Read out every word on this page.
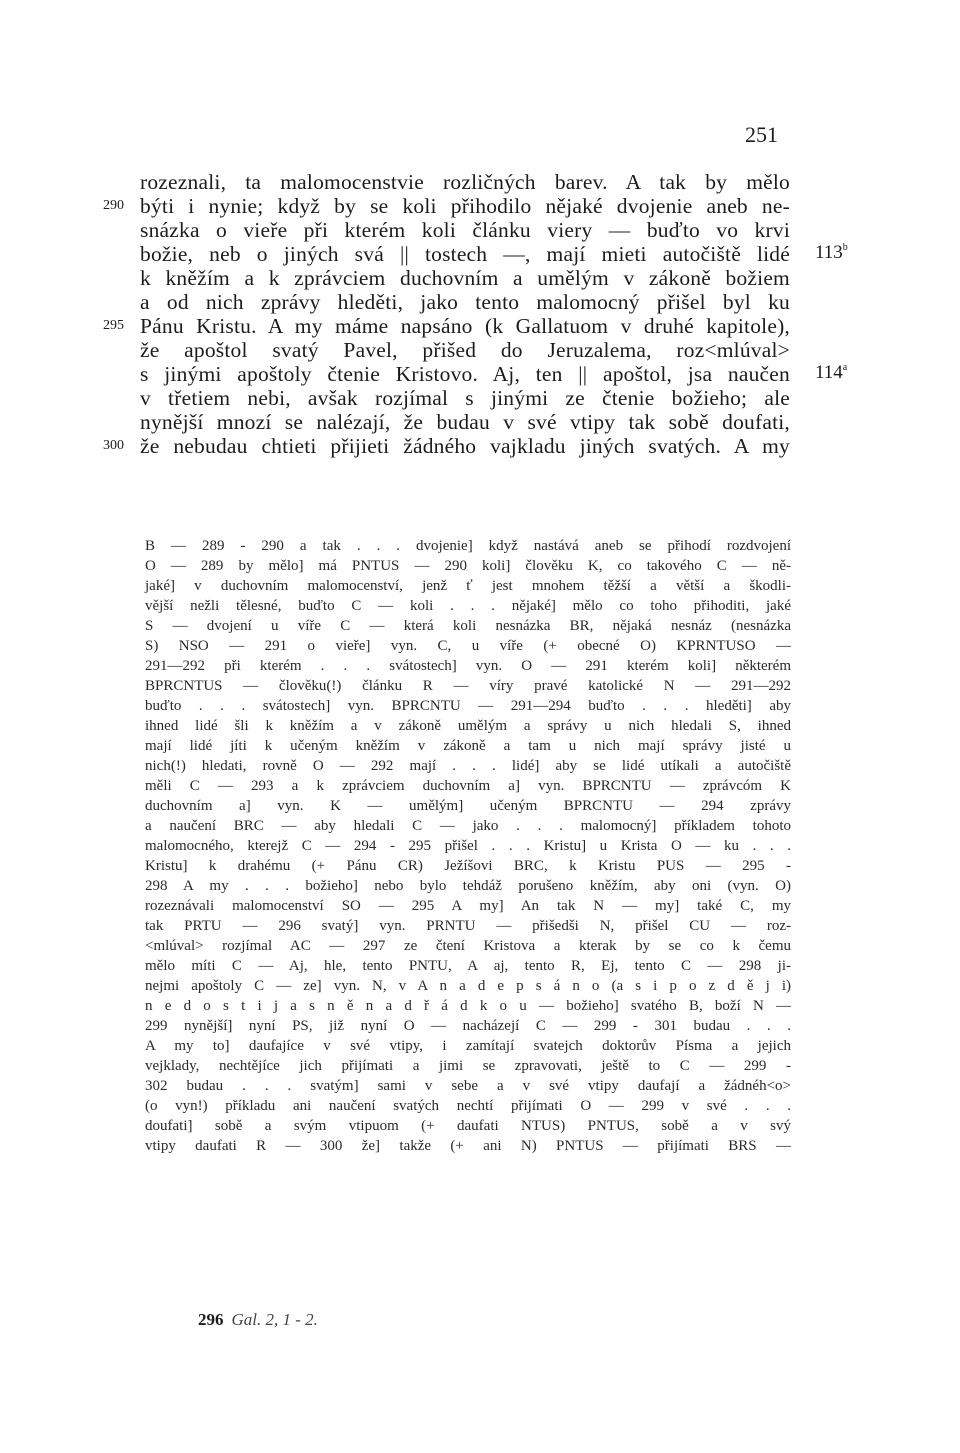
251
rozeznali, ta malomocenstvie rozličných barev. A tak by mělo
býti i nynie; když by se koli přihodilo nějaké dvojenie aneb ne-
snázka o vieře při kterém koli článku viery — buďto vo krvi
božie, neb o jiných svá || tostech —, mají mieti autočiště lidé
k kněžím a k zprávciem duchovním a umělým v zákoně božiem
a od nich zprávy hleděti, jako tento malomocný přišel byl ku
Pánu Kristu. A my máme napsáno (k Gallatuom v druhé kapitole),
že apoštol svatý Pavel, přišed do Jeruzalema, roz<mlúval>
s jinými apoštoly čtenie Kristovo. Aj, ten || apoštol, jsa naučen
v třetiem nebi, avšak rozjímal s jinými ze čtenie božieho; ale
nynější mnozí se nalézají, že budau v své vtipy tak sobě doufati,
že nebudau chtieti přijieti žádného vajkladu jiných svatých. A my
290
295
300
113$^b$
114$^a$
B — 289 - 290 a tak . . . dvojenie] když nastává aneb se přihodí rozdvojení
O — 289 by mělo] má PNTUS — 290 koli] člověku K, co takového C — ně-
jaké] v duchovním malomocenství, jenž ť jest mnohem těžší a větší a škodli-
vější nežli tělesné, buďto C — koli . . . nějaké] mělo co toho přihoditi, jaké
S — dvojení u víře C — která koli nesnázka BR, nějaká nesnáz (nesnázka
S) NSO — 291 o vieře] vyn. C, u víře (+ obecné O) KPRNTUSO —
291—292 při kterém . . . svátostech] vyn. O — 291 kterém koli] některém
BPRCNTUS — člověku(!) článku R — víry pravé katolické N — 291—292
buďto . . . svátostech] vyn. BPRCNTU — 291—294 buďto . . . hleděti] aby
ihned lidé šli k kněžím a v zákoně umělým a správy u nich hledali S, ihned
mají lidé jíti k učeným kněžím v zákoně a tam u nich mají správy jisté u
nich(!) hledati, rovně O — 292 mají . . . lidé] aby se lidé utíkali a autočiště
měli C — 293 a k zprávciem duchovním a] vyn. BPRCNTU — zprávcóm K
duchovním a] vyn. K — umělým] učeným BPRCNTU — 294 zprávy
a naučení BRC — aby hledali C — jako . . . malomocný] příkladem tohoto
malomocného, kterejž C — 294 - 295 přišel . . . Kristu] u Krista O — ku . . .
Kristu] k drahému (+ Pánu CR) Ježíšovi BRC, k Kristu PUS — 295 -
298 A my . . . božieho] nebo bylo tehdáž porušeno kněžím, aby oni (vyn. O)
rozeznávali malomocenství SO — 295 A my] An tak N — my] také C, my
tak PRTU — 296 svatý] vyn. PRNTU — přišedši N, přišel CU — roz-
<mlúval> rozjímal AC — 297 ze čtení Kristova a kterak by se co k čemu
mělo míti C — Aj, hle, tento PNTU, A aj, tento R, Ej, tento C — 298 ji-
nejmi apoštoly C — ze] vyn. N, v A n a d e p s á n o (a s i p o z d ě j i)
n e d o s t i j a s n ě n a d ř á d k o u — božieho] svatého B, boží N —
299 nynější] nyní PS, již nyní O — nacházejí C — 299 - 301 budau . . .
A my to] daufajíce v své vtipy, i zamítají svatejch doktorův Písma a jejich
vejklady, nechtějíce jich přijímati a jimi se zpravovati, ještě to C — 299 -
302 budau . . . svatým] sami v sebe a v své vtipy daufají a žádnéh<o>
(o vyn!) příkladu ani naučení svatých nechtí přijímati O — 299 v své . . .
doufati] sobě a svým vtipuom (+ daufati NTUS) PNTUS, sobě a v svý
vtipy daufati R — 300 že] takže (+ ani N) PNTUS — přijímati BRS —
296 Gal. 2, 1 - 2.
